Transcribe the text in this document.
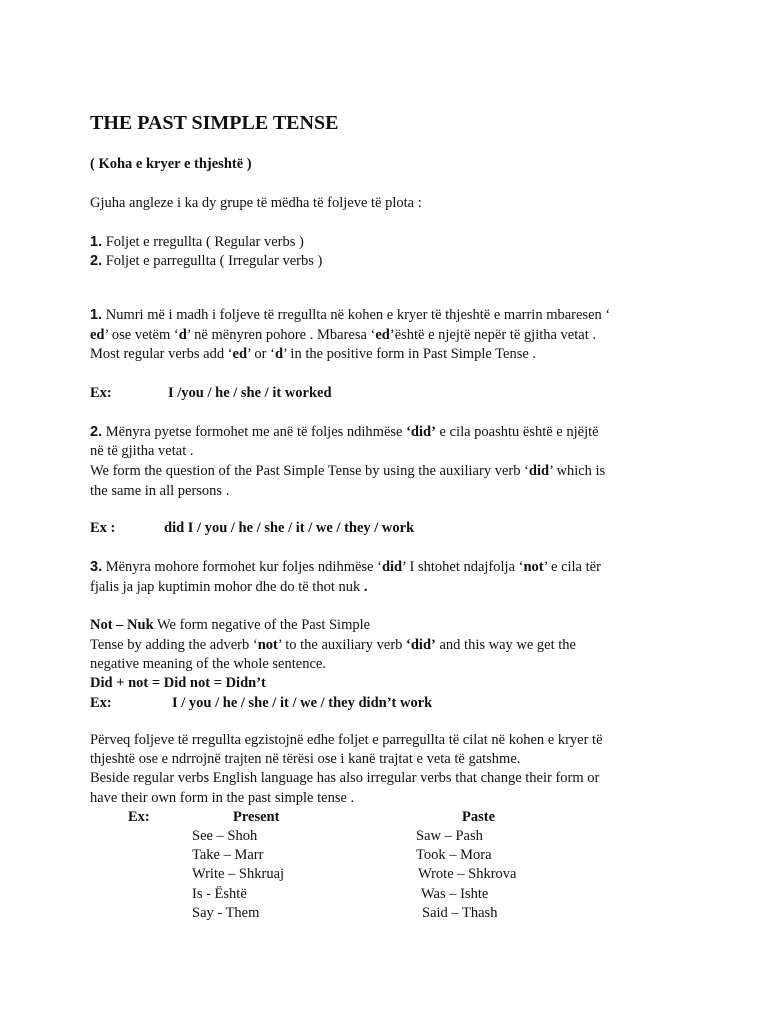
THE PAST SIMPLE TENSE
( Koha e kryer e thjeshtë )
Gjuha angleze i ka dy grupe të mëdha të foljeve të plota :
1. Foljet e rregullta ( Regular verbs )
2. Foljet e parregullta ( Irregular verbs )
1. Numri më i madh i foljeve të rregullta në kohen e kryer të thjeshtë e marrin mbaresen ‘
ed’ ose vetëm ‘d’ në mënyren pohore . Mbaresa ‘ed’është e njejtë nepër të gjitha vetat .
Most regular verbs add ‘ed’ or ‘d’ in the positive form in Past Simple Tense .
Ex:	I /you / he / she / it worked
2. Mënyra pyetse formohet me anë të foljes ndihmëse ‘did’ e cila poashtu është e njëjtë
në të gjitha vetat .
We form the question of the Past Simple Tense by using the auxiliary verb ‘did’ which is
the same in all persons .
Ex :	did I / you / he / she / it / we / they / work
3. Mënyra mohore formohet kur foljes ndihmëse ‘did’ I shtohet ndajfolja ‘not’ e cila tër
fjalis ja jap kuptimin mohor dhe do të thot nuk .
Not – Nuk We form negative of the Past Simple
Tense by adding the adverb ‘not’ to the auxiliary verb ‘did’ and this way we get the
negative meaning of the whole sentence.
Did + not = Did not = Didn’t
Ex:	I / you / he / she / it / we / they didn’t work
Përveq foljeve të rregullta egzistojnë edhe foljet e parregullta të cilat në kohen e kryer të
thjeshtë ose e ndrrojnë trajten në tërësi ose i kanë trajtat e veta të gatshme.
Beside regular verbs English language has also irregular verbs that change their form or
have their own form in the past simple tense .
Ex:	Present	Paste
See – Shoh	Saw – Pash
Take – Marr	Took – Mora
Write – Shkruaj	Wrote – Shkrova
Is - Është	Was – Ishte
Say - Them	Said – Thash
